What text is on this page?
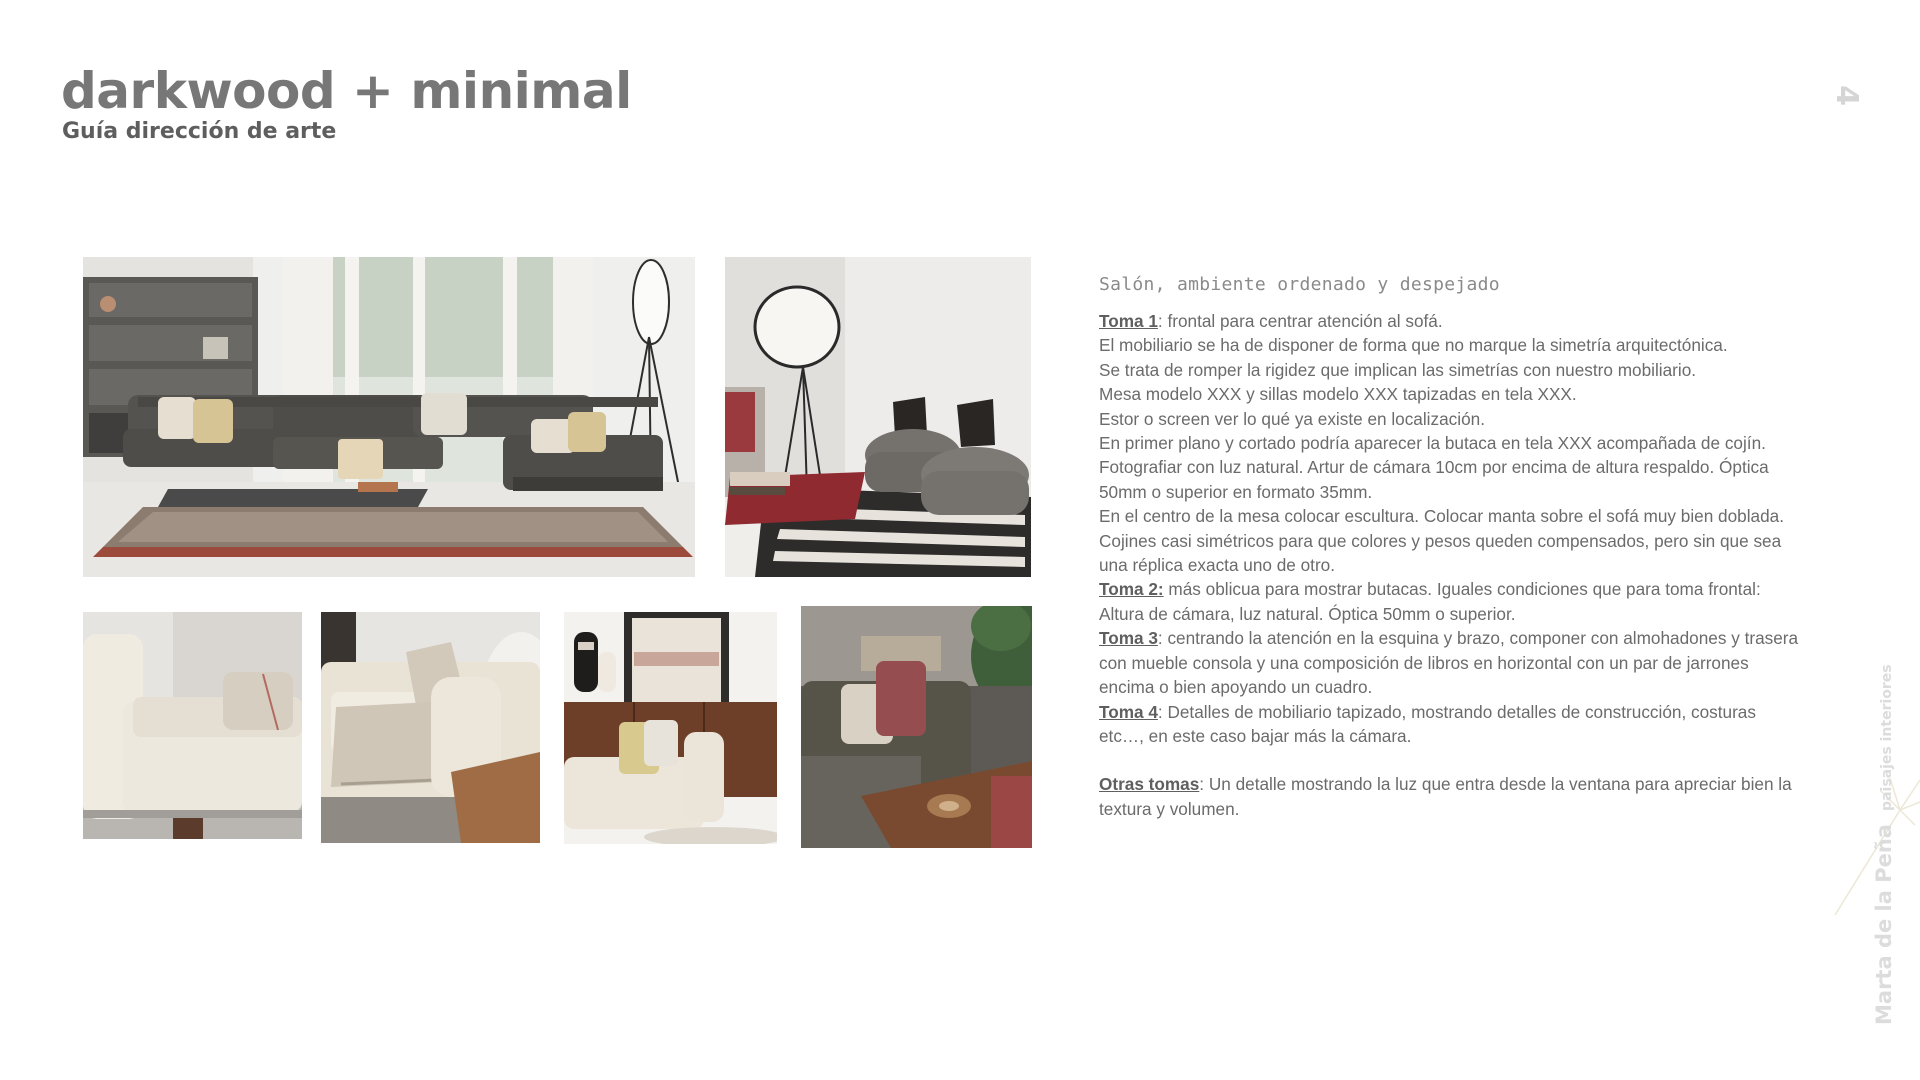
darkwood + minimal
Guía dirección de arte
4

Salón, ambiente ordenado y despejado

Toma 1: frontal para centrar atención al sofá.

El mobiliario se ha de disponer de forma que no marque la simetría arquitectónica.

Se trata de romper la rigidez que implican las simetrías con nuestro mobiliario.

Mesa modelo XXX y sillas modelo XXX tapizadas en tela XXX.

Estor o screen ver lo qué ya existe en localización.

En primer plano y cortado podría aparecer la butaca en tela XXX acompañada de cojín.

Fotografiar con luz natural. Artur de cámara 10cm por encima de altura respaldo. Óptica 50mm o superior en formato 35mm.

En el centro de la mesa colocar escultura. Colocar manta sobre el sofá muy bien doblada. Cojines casi simétricos para que colores y pesos queden compensados, pero sin que sea una réplica exacta uno de otro.

Toma 2: más oblicua para mostrar butacas. Iguales condiciones que para toma frontal: Altura de cámara, luz natural. Óptica 50mm o superior.

Toma 3: centrando la atención en la esquina y brazo, componer con almohadones y trasera con mueble consola y una composición de libros en horizontal con un par de jarrones encima o bien apoyando un cuadro.

Toma 4: Detalles de mobiliario tapizado, mostrando detalles de construcción, costuras etc…, en este caso bajar más la cámara.

Otras tomas: Un detalle mostrando la luz que entra desde la ventana para apreciar bien la textura y volumen.

Marta de la Peña paisajes interiores
